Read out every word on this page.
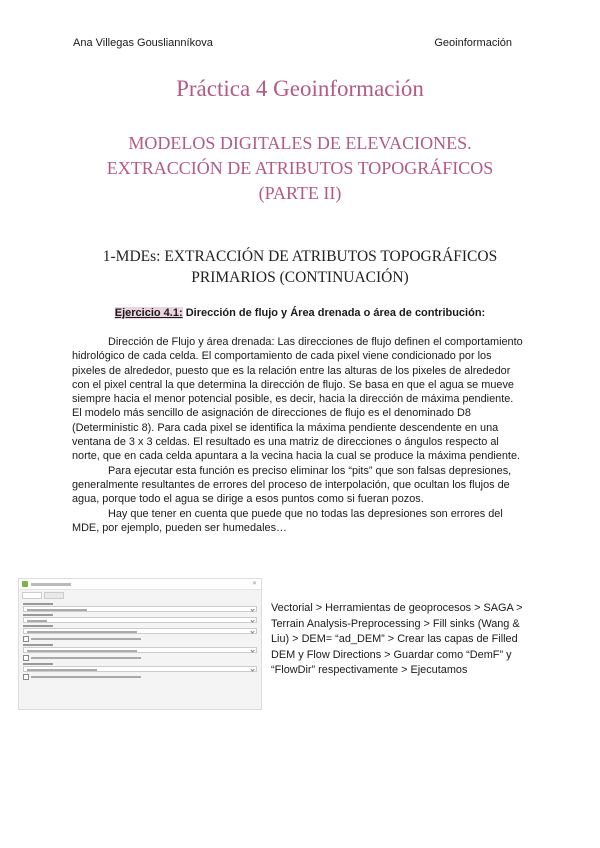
Ana Villegas Gouslianníkova	Geoinformación
Práctica 4 Geoinformación
MODELOS DIGITALES DE ELEVACIONES. EXTRACCIÓN DE ATRIBUTOS TOPOGRÁFICOS (PARTE II)
1-MDEs: EXTRACCIÓN DE ATRIBUTOS TOPOGRÁFICOS PRIMARIOS (CONTINUACIÓN)
Ejercicio 4.1: Dirección de flujo y Área drenada o área de contribución:

Dirección de Flujo y área drenada: Las direcciones de flujo definen el comportamiento hidrológico de cada celda. El comportamiento de cada pixel viene condicionado por los pixeles de alrededor, puesto que es la relación entre las alturas de los pixeles de alrededor con el pixel central la que determina la dirección de flujo. Se basa en que el agua se mueve siempre hacia el menor potencial posible, es decir, hacia la dirección de máxima pendiente. El modelo más sencillo de asignación de direcciones de flujo es el denominado D8 (Deterministic 8). Para cada pixel se identifica la máxima pendiente descendente en una ventana de 3 x 3 celdas. El resultado es una matriz de direcciones o ángulos respecto al norte, que en cada celda apuntara a la vecina hacia la cual se produce la máxima pendiente.

Para ejecutar esta función es preciso eliminar los “pits” que son falsas depresiones, generalmente resultantes de errores del proceso de interpolación, que ocultan los flujos de agua, porque todo el agua se dirige a esos puntos como si fueran pozos.

Hay que tener en cuenta que puede que no todas las depresiones son errores del MDE, por ejemplo, pueden ser humedales…

✕
Vectorial > Herramientas de geoprocesos > SAGA > Terrain Analysis-Preprocessing > Fill sinks (Wang & Liu) > DEM= “ad_DEM” > Crear las capas de Filled DEM y Flow Directions > Guardar como “DemF” y “FlowDir” respectivamente > Ejecutamos
